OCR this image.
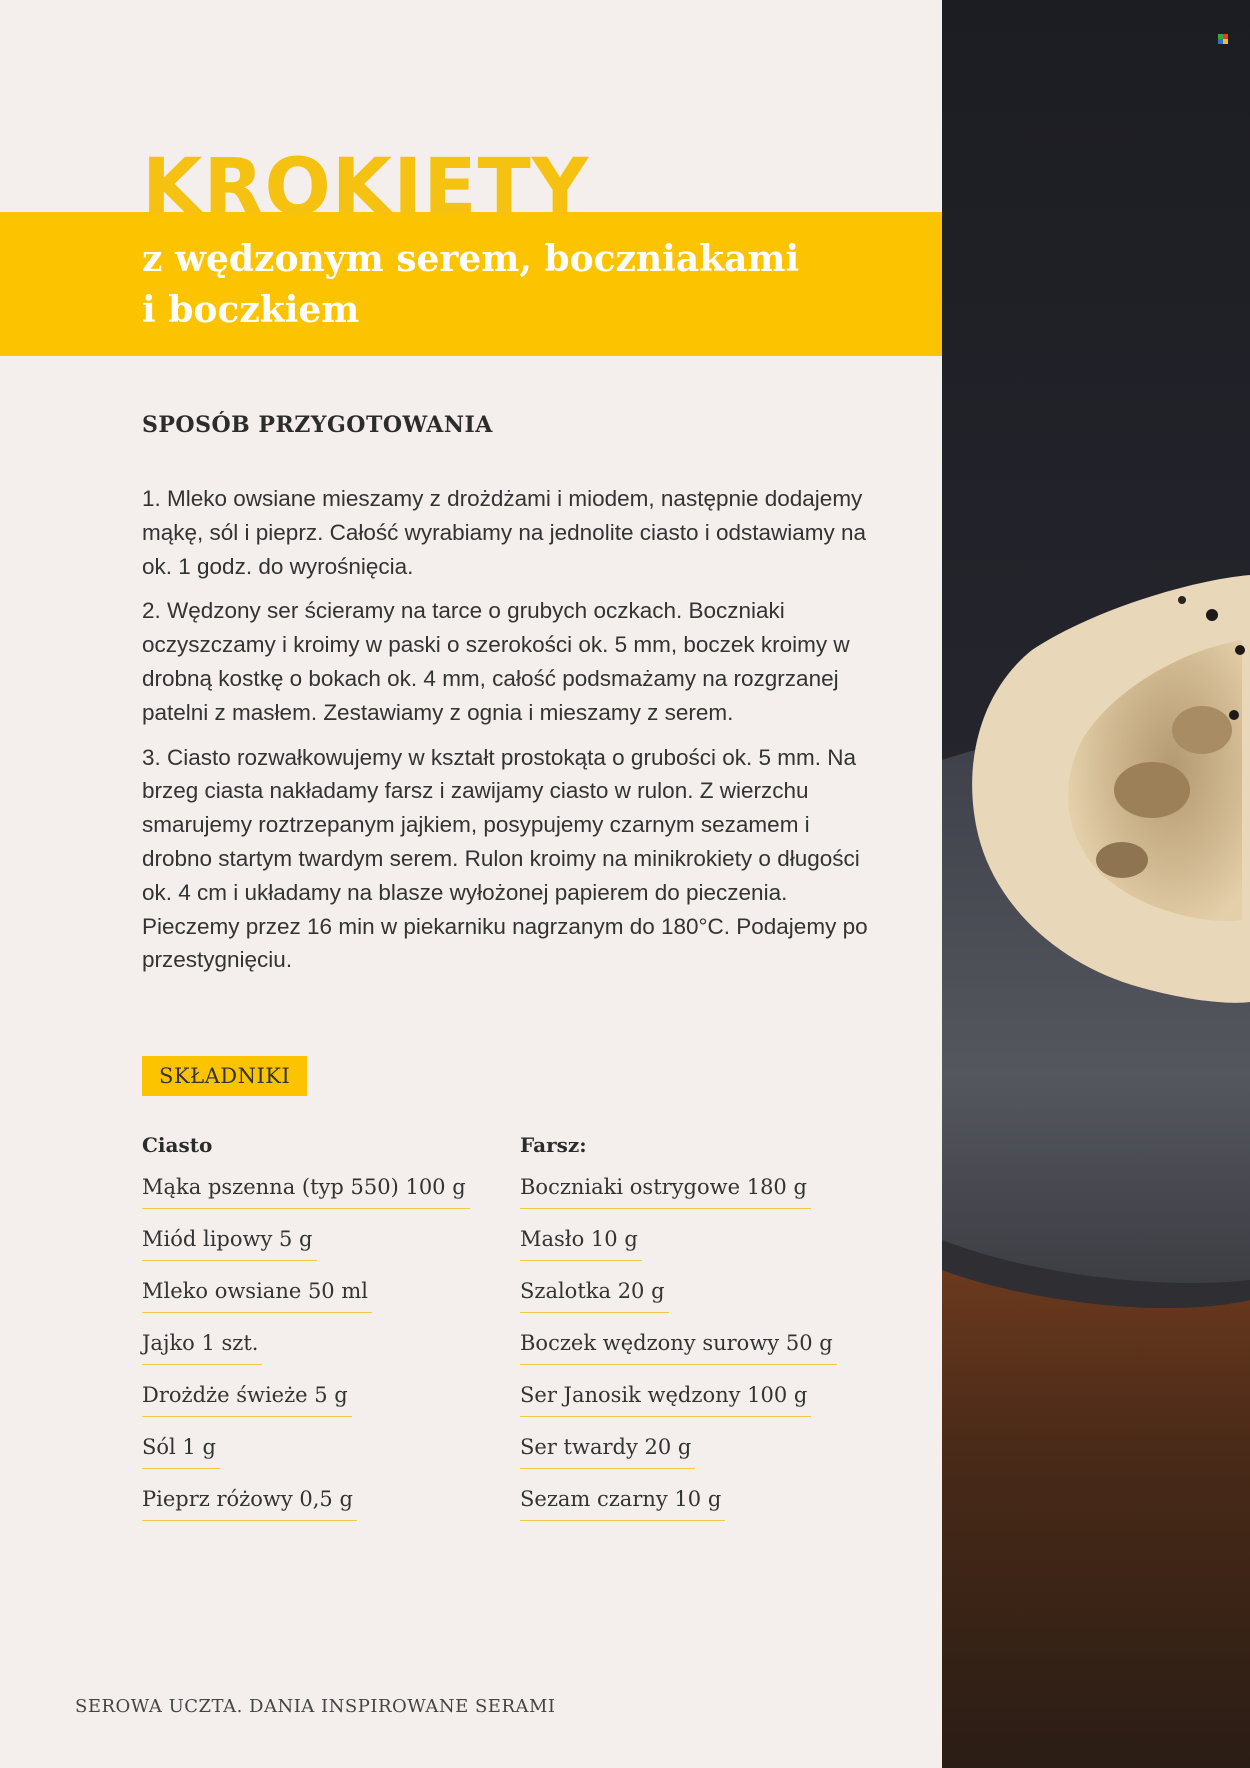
KROKIETY
z wędzonym serem, boczniakami
i boczkiem
SPOSÓB PRZYGOTOWANIA

1. Mleko owsiane mieszamy z drożdżami i miodem, następnie dodajemy mąkę, sól i pieprz. Całość wyrabiamy na jednolite ciasto i odstawiamy na ok. 1 godz. do wyrośnięcia.

2. Wędzony ser ścieramy na tarce o grubych oczkach. Boczniaki oczyszczamy i kroimy w paski o szerokości ok. 5 mm, boczek kroimy w drobną kostkę o bokach ok. 4 mm, całość podsmażamy na rozgrzanej patelni z masłem. Zestawiamy z ognia i mieszamy z serem.

3. Ciasto rozwałkowujemy w kształt prostokąta o grubości ok. 5 mm. Na brzeg ciasta nakładamy farsz i zawijamy ciasto w rulon. Z wierzchu smarujemy roztrzepanym jajkiem, posypujemy czarnym sezamem i drobno startym twardym serem. Rulon kroimy na minikrokiety o długości ok. 4 cm i układamy na blasze wyłożonej papierem do pieczenia. Pieczemy przez 16 min w piekarniku nagrzanym do 180°C. Podajemy po przestygnięciu.

SKŁADNIKI
Ciasto
Mąka pszenna (typ 550) 100 g
Miód lipowy 5 g
Mleko owsiane 50 ml
Jajko 1 szt.
Drożdże świeże 5 g
Sól 1 g
Pieprz różowy 0,5 g
Farsz:
Boczniaki ostrygowe 180 g
Masło 10 g
Szalotka 20 g
Boczek wędzony surowy 50 g
Ser Janosik wędzony 100 g
Ser twardy 20 g
Sezam czarny 10 g
SEROWA UCZTA. DANIA INSPIROWANE SERAMI
